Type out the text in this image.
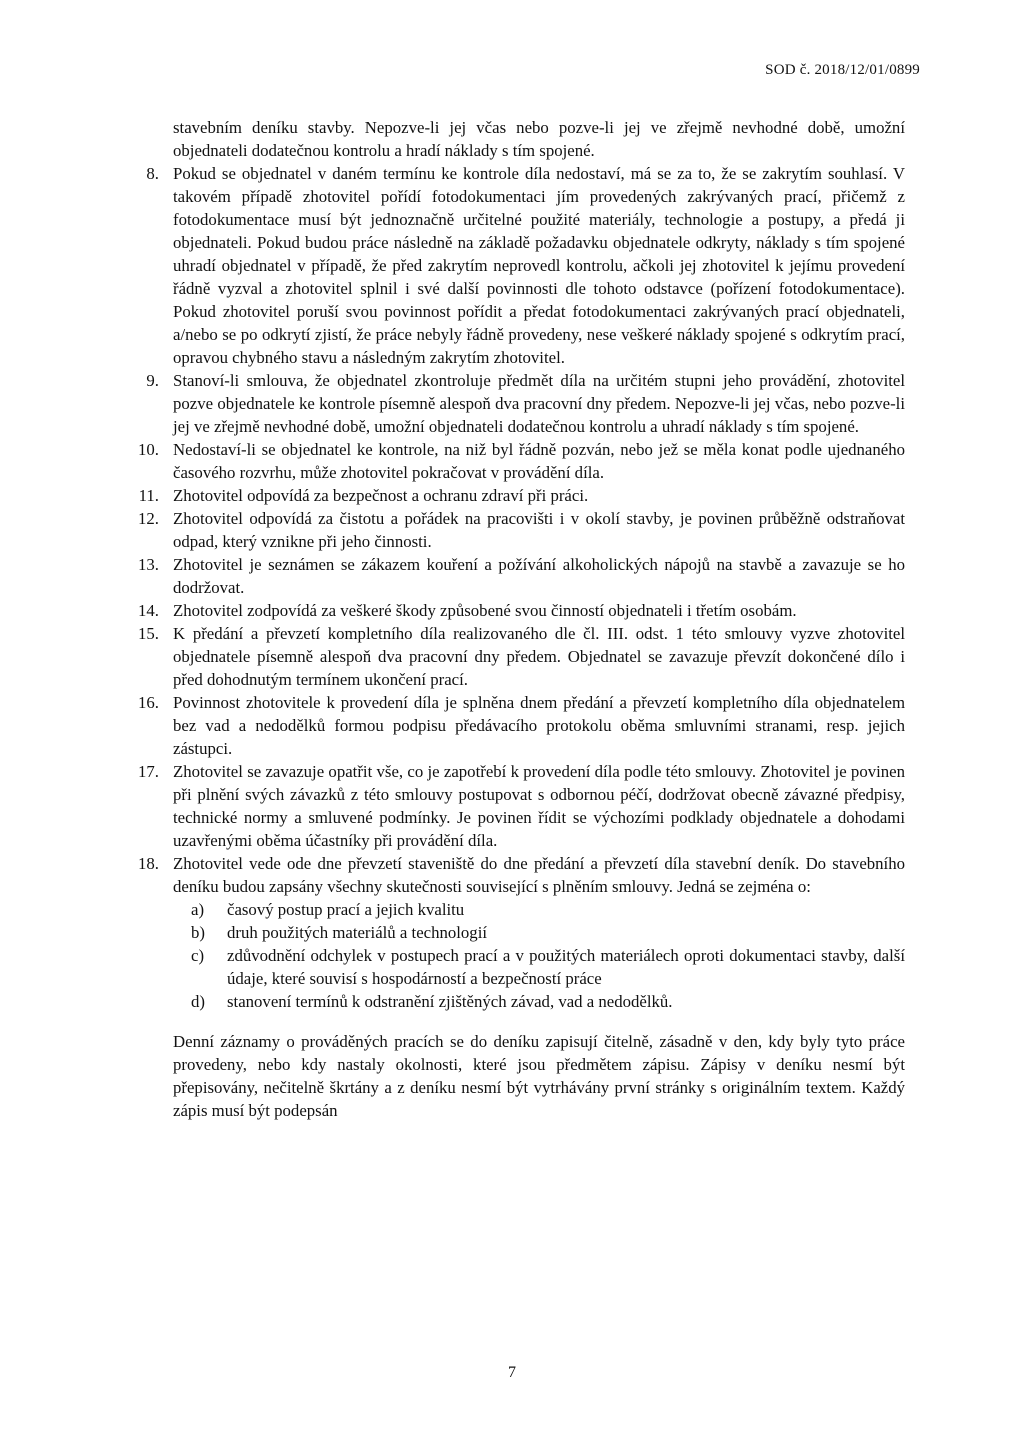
SOD č. 2018/12/01/0899

stavebním deníku stavby. Nepozve-li jej včas nebo pozve-li jej ve zřejmě nevhodné době, umožní objednateli dodatečnou kontrolu a hradí náklady s tím spojené.

8. Pokud se objednatel v daném termínu ke kontrole díla nedostaví, má se za to, že se zakrytím souhlasí. V takovém případě zhotovitel pořídí fotodokumentaci jím provedených zakrývaných prací, přičemž z fotodokumentace musí být jednoznačně určitelné použité materiály, technologie a postupy, a předá ji objednateli. Pokud budou práce následně na základě požadavku objednatele odkryty, náklady s tím spojené uhradí objednatel v případě, že před zakrytím neprovedl kontrolu, ačkoli jej zhotovitel k jejímu provedení řádně vyzval a zhotovitel splnil i své další povinnosti dle tohoto odstavce (pořízení fotodokumentace). Pokud zhotovitel poruší svou povinnost pořídit a předat fotodokumentaci zakrývaných prací objednateli, a/nebo se po odkrytí zjistí, že práce nebyly řádně provedeny, nese veškeré náklady spojené s odkrytím prací, opravou chybného stavu a následným zakrytím zhotovitel.
9. Stanoví-li smlouva, že objednatel zkontroluje předmět díla na určitém stupni jeho provádění, zhotovitel pozve objednatele ke kontrole písemně alespoň dva pracovní dny předem. Nepozve-li jej včas, nebo pozve-li jej ve zřejmě nevhodné době, umožní objednateli dodatečnou kontrolu a uhradí náklady s tím spojené.
10. Nedostaví-li se objednatel ke kontrole, na niž byl řádně pozván, nebo jež se měla konat podle ujednaného časového rozvrhu, může zhotovitel pokračovat v provádění díla.
11. Zhotovitel odpovídá za bezpečnost a ochranu zdraví při práci.
12. Zhotovitel odpovídá za čistotu a pořádek na pracovišti i v okolí stavby, je povinen průběžně odstraňovat odpad, který vznikne při jeho činnosti.
13. Zhotovitel je seznámen se zákazem kouření a požívání alkoholických nápojů na stavbě a zavazuje se ho dodržovat.
14. Zhotovitel zodpovídá za veškeré škody způsobené svou činností objednateli i třetím osobám.
15. K předání a převzetí kompletního díla realizovaného dle čl. III. odst. 1 této smlouvy vyzve zhotovitel objednatele písemně alespoň dva pracovní dny předem. Objednatel se zavazuje převzít dokončené dílo i před dohodnutým termínem ukončení prací.
16. Povinnost zhotovitele k provedení díla je splněna dnem předání a převzetí kompletního díla objednatelem bez vad a nedodělků formou podpisu předávacího protokolu oběma smluvními stranami, resp. jejich zástupci.
17. Zhotovitel se zavazuje opatřit vše, co je zapotřebí k provedení díla podle této smlouvy. Zhotovitel je povinen při plnění svých závazků z této smlouvy postupovat s odbornou péčí, dodržovat obecně závazné předpisy, technické normy a smluvené podmínky. Je povinen řídit se výchozími podklady objednatele a dohodami uzavřenými oběma účastníky při provádění díla.
18. Zhotovitel vede ode dne převzetí staveniště do dne předání a převzetí díla stavební deník. Do stavebního deníku budou zapsány všechny skutečnosti související s plněním smlouvy. Jedná se zejména o:
a) časový postup prací a jejich kvalitu
b) druh použitých materiálů a technologií
c) zdůvodnění odchylek v postupech prací a v použitých materiálech oproti dokumentaci stavby, další údaje, které souvisí s hospodárností a bezpečností práce
d) stanovení termínů k odstranění zjištěných závad, vad a nedodělků.

Denní záznamy o prováděných pracích se do deníku zapisují čitelně, zásadně v den, kdy byly tyto práce provedeny, nebo kdy nastaly okolnosti, které jsou předmětem zápisu. Zápisy v deníku nesmí být přepisovány, nečitelně škrtány a z deníku nesmí být vytrhávány první stránky s originálním textem. Každý zápis musí být podepsán

7
